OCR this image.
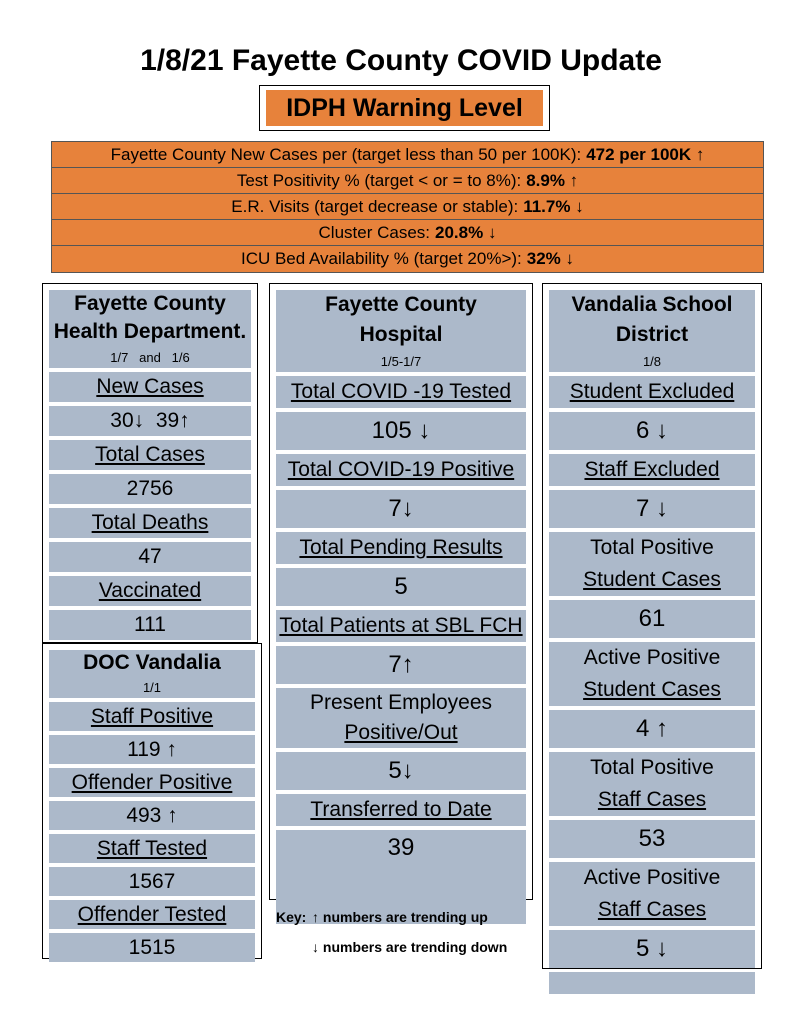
1/8/21 Fayette County COVID Update
IDPH Warning Level
Fayette County New Cases per (target less than 50 per 100K): 472 per 100K ↑
Test Positivity % (target < or = to 8%): 8.9% ↑
E.R. Visits (target decrease or stable): 11.7% ↓
Cluster Cases: 20.8% ↓
ICU Bed Availability % (target 20%>): 32% ↓
Fayette County
Health Department.
1/7   and   1/6
New Cases
30↓  39↑
Total Cases
2756
Total Deaths
47
Vaccinated
111
DOC Vandalia
1/1
Staff Positive
119 ↑
Offender Positive
493 ↑
Staff Tested
1567
Offender Tested
1515
Fayette County
Hospital
1/5-1/7
Total COVID -19 Tested
105 ↓
Total COVID-19 Positive
7↓
Total Pending Results
5
Total Patients at SBL FCH
7↑
Present Employees
Positive/Out
5↓
Transferred to Date
39
Vandalia School
District
1/8
Student Excluded
6 ↓
Staff Excluded
7 ↓
Total Positive
Student Cases
61
Active Positive
Student Cases
4 ↑
Total Positive
Staff Cases
53
Active Positive
Staff Cases
5 ↓
Key: ↑ numbers are trending up
↓ numbers are trending down
